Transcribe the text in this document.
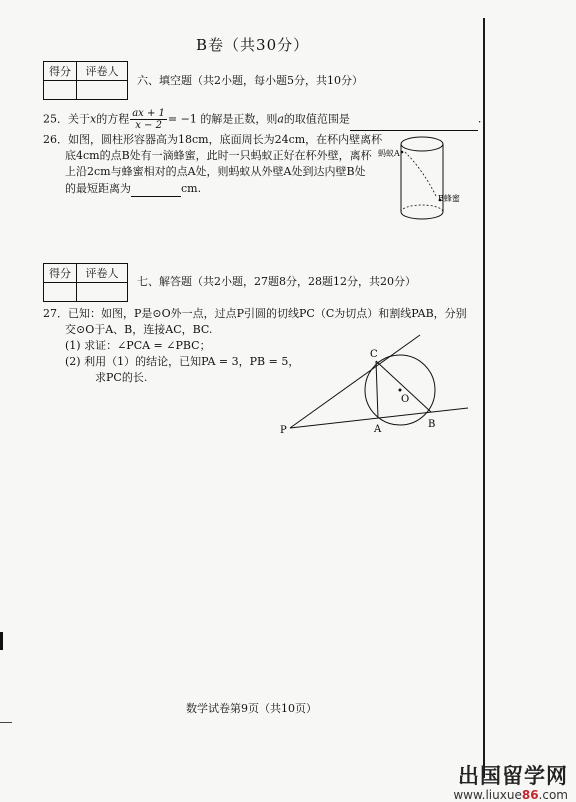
B卷（共30分）
得分	评卷人

六、填空题（共2小题，每小题5分，共10分）
25．关于x的方程 $\frac{ax + 1}{x - 2} = -1$ 的解是正数，则a的取值范围是	.
26．如图，圆柱形容器高为18cm，底面周长为24cm，在杯内壁离杯
底4cm的点B处有一滴蜂蜜，此时一只蚂蚁正好在杯外壁，离杯
上沿2cm与蜂蜜相对的点A处，则蚂蚁从外壁A处到达内壁B处
的最短距离为	cm.
蚂蚁A
B蜂蜜
得分	评卷人

七、解答题（共2小题，27题8分，28题12分，共20分）
27．已知：如图，P是⊙O外一点，过点P引圆的切线PC（C为切点）和割线PAB，分别
交⊙O于A、B，连接AC，BC.
(1) 求证：∠PCA = ∠PBC；
(2) 利用（1）的结论，已知PA = 3，PB = 5，
求PC的长.
P	A	B
C
O
数学试卷第9页（共10页）
出国留学网
www.liuxue86.com
